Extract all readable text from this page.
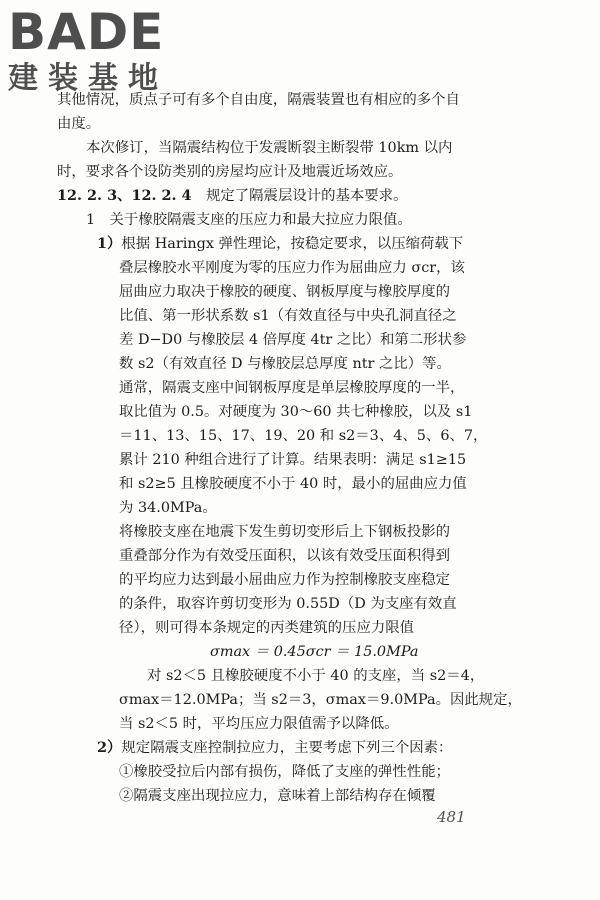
BADE
建装基地
其他情况，质点子可有多个自由度，隔震装置也有相应的多个自
由度。
本次修订，当隔震结构位于发震断裂主断裂带 10km 以内
时，要求各个设防类别的房屋均应计及地震近场效应。
12. 2. 3、12. 2. 4　 规定了隔震层设计的基本要求。
1　关于橡胶隔震支座的压应力和最大拉应力限值。
1）根据 Haringx 弹性理论，按稳定要求，以压缩荷载下
叠层橡胶水平刚度为零的压应力作为屈曲应力 σcr，该
屈曲应力取决于橡胶的硬度、钢板厚度与橡胶厚度的
比值、第一形状系数 s1（有效直径与中央孔洞直径之
差 D−D0 与橡胶层 4 倍厚度 4tr 之比）和第二形状参
数 s2（有效直径 D 与橡胶层总厚度 ntr 之比）等。
通常，隔震支座中间钢板厚度是单层橡胶厚度的一半，
取比值为 0.5。对硬度为 30～60 共七种橡胶，以及 s1
＝11、13、15、17、19、20 和 s2＝3、4、5、6、7，
累计 210 种组合进行了计算。结果表明：满足 s1≥15
和 s2≥5 且橡胶硬度不小于 40 时，最小的屈曲应力值
为 34.0MPa。
将橡胶支座在地震下发生剪切变形后上下钢板投影的
重叠部分作为有效受压面积，以该有效受压面积得到
的平均应力达到最小屈曲应力作为控制橡胶支座稳定
的条件，取容许剪切变形为 0.55D（D 为支座有效直
径），则可得本条规定的丙类建筑的压应力限值
σmax ＝ 0.45σcr ＝ 15.0MPa
对 s2＜5 且橡胶硬度不小于 40 的支座，当 s2＝4，
σmax＝12.0MPa；当 s2＝3，σmax＝9.0MPa。因此规定，
当 s2＜5 时，平均压应力限值需予以降低。
2）规定隔震支座控制拉应力，主要考虑下列三个因素：
①橡胶受拉后内部有损伤，降低了支座的弹性性能；
②隔震支座出现拉应力，意味着上部结构存在倾覆
481
